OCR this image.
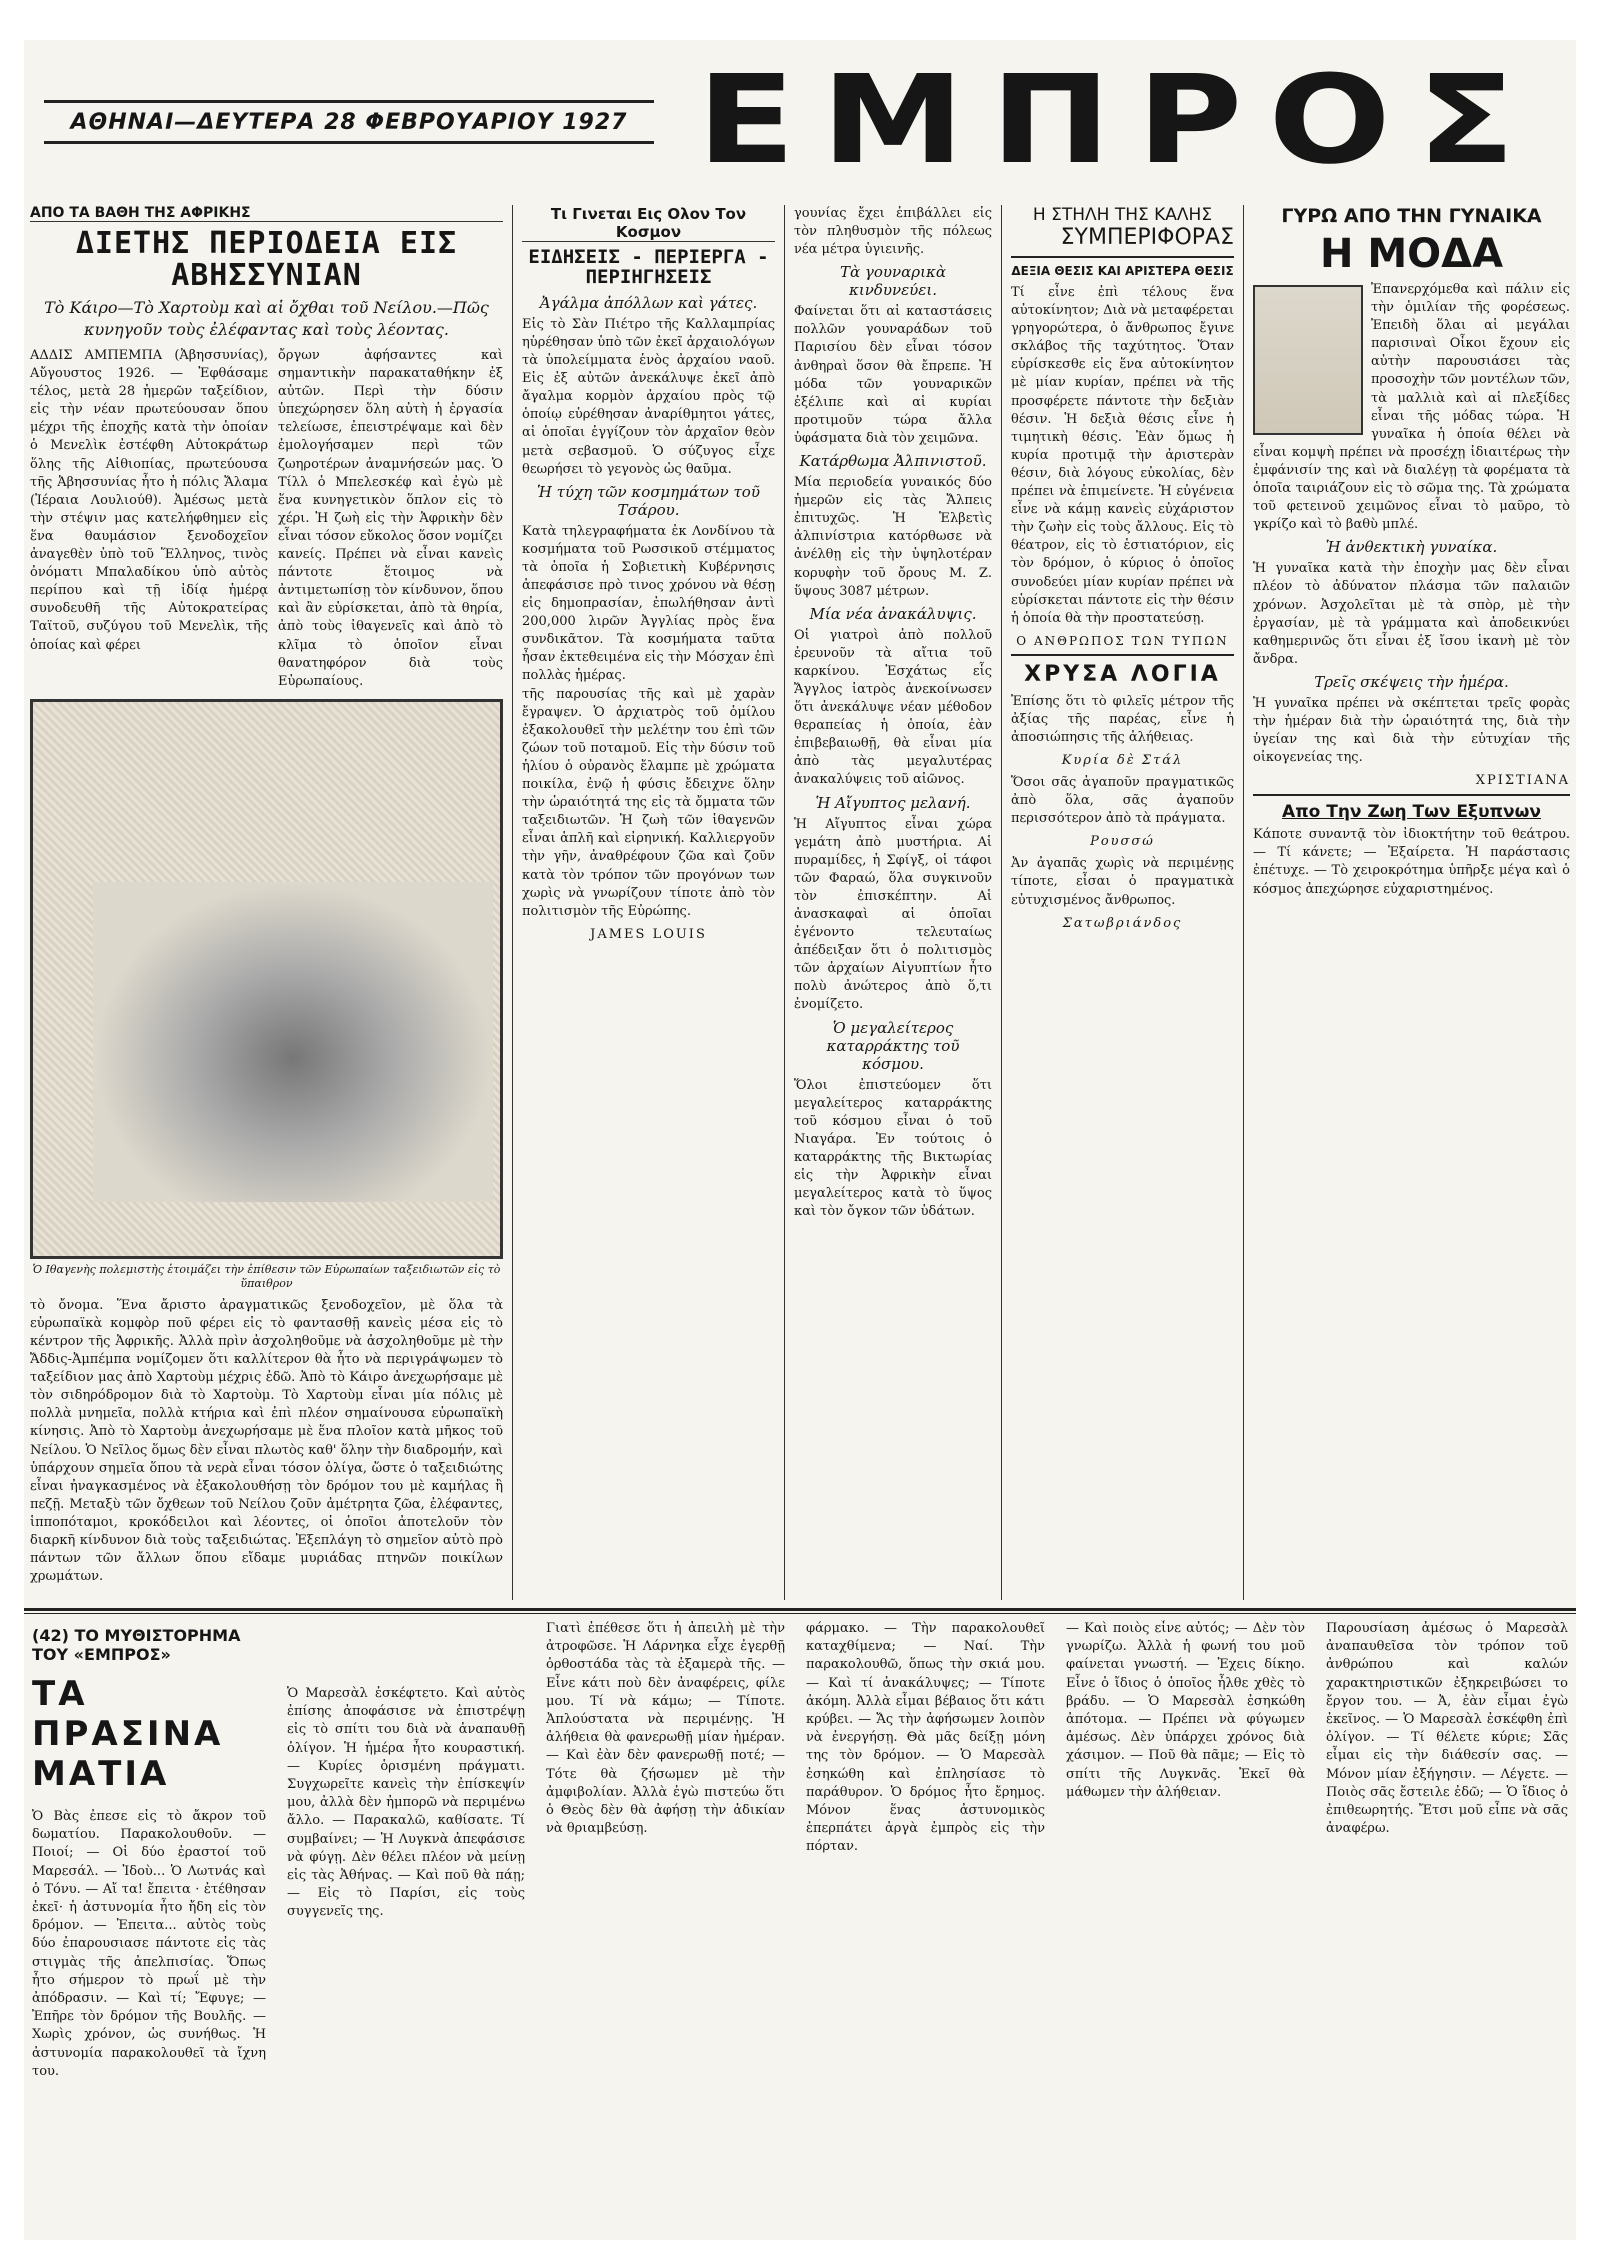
ΑΘΗΝΑΙ—ΔΕΥΤΕΡΑ 28 ΦΕΒΡΟΥΑΡΙΟΥ 1927 ΕΜΠΡΟΣ
ΑΠΟ ΤΑ ΒΑΘΗ ΤΗΣ ΑΦΡΙΚΗΣ
ΔΙΕΤΗΣ ΠΕΡΙΟΔΕΙΑ ΕΙΣ ΑΒΗΣΣΥΝΙΑΝ
Τὸ Κάιρο—Τὸ Χαρτοὺμ καὶ αἱ ὄχθαι τοῦ Νείλου.—Πῶς κυνηγοῦν τοὺς ἐλέφαντας καὶ τοὺς λέοντας.
ΑΔΔΙΣ ΑΜΠΕΜΠΑ (Ἀβησσυνίας), Αὔγουστος 1926. — Ἐφθάσαμε τέλος, μετὰ 28 ἡμερῶν ταξείδιον, εἰς τὴν νέαν πρωτεύουσαν ὅπου μέχρι τῆς ἐποχῆς κατὰ τὴν ὁποίαν ὁ Μενελὶκ ἐστέφθη Αὐτοκράτωρ ὅλης τῆς Αἰθιοπίας, πρωτεύουσα τῆς Ἀβησσυνίας ἦτο ἡ πόλις Ἄλαμα (Ἰέραια Λουλιούθ). Ἀμέσως μετὰ τὴν στέψιν μας κατελήφθημεν εἰς ἕνα θαυμάσιον ξενοδοχεῖον ἀναγεθὲν ὑπὸ τοῦ Ἕλληνος, τινὸς ὀνόματι Μπαλαδίκου ὑπὸ αὐτὸς περίπου καὶ τῇ ἰδίᾳ ἡμέρᾳ συνοδευθῆ τῆς Αὐτοκρατείρας Ταϊτοῦ, συζύγου τοῦ Μενελὶκ, τῆς ὁποίας καὶ φέρει
ὄργων ἀφήσαντες καὶ σημαντικὴν παρακαταθήκην ἐξ αὐτῶν. Περὶ τὴν δύσιν ὑπεχώρησεν ὅλη αὐτὴ ἡ ἐργασία τελείωσε, ἐπειστρέψαμε καὶ δὲν ἐμολογήσαμεν περὶ τῶν ζωηροτέρων ἀναμνήσεών μας. Ὁ Τίλλ ὁ Μπελεσκέφ καὶ ἐγὼ μὲ ἕνα κυνηγετικὸν ὅπλον εἰς τὸ χέρι. Ἡ ζωὴ εἰς τὴν Ἀφρικὴν δὲν εἶναι τόσον εὔκολος ὅσον νομίζει κανείς. Πρέπει νὰ εἶναι κανεὶς πάντοτε ἕτοιμος νὰ ἀντιμετωπίσῃ τὸν κίνδυνον, ὅπου καὶ ἂν εὑρίσκεται, ἀπὸ τὰ θηρία, ἀπὸ τοὺς ἰθαγενεῖς καὶ ἀπὸ τὸ κλῖμα τὸ ὁποῖον εἶναι θανατηφόρον διὰ τοὺς Εὐρωπαίους.
Ὁ Ιθαγενὴς πολεμιστὴς ἑτοιμάζει τὴν ἐπίθεσιν τῶν Εὐρωπαίων ταξειδιωτῶν εἰς τὸ ὕπαιθρον
τὸ ὄνομα. Ἕνα ἄριστο ἀραγματικῶς ξενοδοχεῖον, μὲ ὅλα τὰ εὐρωπαϊκὰ κομφὸρ ποῦ φέρει εἰς τὸ φαντασθῇ κανεὶς μέσα εἰς τὸ κέντρον τῆς Ἀφρικῆς. Ἀλλὰ πρὶν ἀσχοληθοῦμε νὰ ἀσχοληθοῦμε μὲ τὴν Ἄδδις-Ἀμπέμπα νομίζομεν ὅτι καλλίτερον θὰ ἦτο νὰ περιγράψωμεν τὸ ταξείδιον μας ἀπὸ Χαρτοὺμ μέχρις ἐδῶ. Ἀπὸ τὸ Κάιρο ἀνεχωρήσαμε μὲ τὸν σιδηρόδρομον διὰ τὸ Χαρτοὺμ. Τὸ Χαρτοὺμ εἶναι μία πόλις μὲ πολλὰ μνημεῖα, πολλὰ κτήρια καὶ ἐπὶ πλέον σημαίνουσα εὐρωπαϊκὴ κίνησις. Ἀπὸ τὸ Χαρτοὺμ ἀνεχωρήσαμε μὲ ἕνα πλοῖον κατὰ μῆκος τοῦ Νείλου. Ὁ Νεῖλος ὅμως δὲν εἶναι πλωτὸς καθ' ὅλην τὴν διαδρομήν, καὶ ὑπάρχουν σημεῖα ὅπου τὰ νερὰ εἶναι τόσον ὀλίγα, ὥστε ὁ ταξειδιώτης εἶναι ἠναγκασμένος νὰ ἐξακολουθήσῃ τὸν δρόμον του μὲ καμήλας ἢ πεζῇ. Μεταξὺ τῶν ὄχθεων τοῦ Νείλου ζοῦν ἀμέτρητα ζῶα, ἐλέφαντες, ἱπποπόταμοι, κροκόδειλοι καὶ λέοντες, οἱ ὁποῖοι ἀποτελοῦν τὸν διαρκῆ κίνδυνον διὰ τοὺς ταξειδιώτας. Ἐξεπλάγη τὸ σημεῖον αὐτὸ πρὸ πάντων τῶν ἄλλων ὅπου εἴδαμε μυριάδας πτηνῶν ποικίλων χρωμάτων.
Τι Γινεται Εις Ολον Τον Κοσμον
ΕΙΔΗΣΕΙΣ - ΠΕΡΙΕΡΓΑ - ΠΕΡΙΗΓΗΣΕΙΣ
Ἀγάλμα ἀπόλλων καὶ γάτες.
Εἰς τὸ Σὰν Πιέτρο τῆς Καλλαμπρίας ηὑρέθησαν ὑπὸ τῶν ἐκεῖ ἀρχαιολόγων τὰ ὑπολείμματα ἑνὸς ἀρχαίου ναοῦ. Εἰς ἐξ αὐτῶν ἀνεκάλυψε ἐκεῖ ἀπὸ ἄγαλμα κορμὸν ἀρχαίου πρὸς τῷ ὁποίῳ εὑρέθησαν ἀναρίθμητοι γάτες, αἱ ὁποῖαι ἐγγίζουν τὸν ἀρχαῖον θεὸν μετὰ σεβασμοῦ. Ὁ σύζυγος εἶχε θεωρήσει τὸ γεγονὸς ὡς θαῦμα.
Ἡ τύχη τῶν κοσμημάτων τοῦ Τσάρου.
Κατὰ τηλεγραφήματα ἐκ Λονδίνου τὰ κοσμήματα τοῦ Ρωσσικοῦ στέμματος τὰ ὁποῖα ἡ Σοβιετικὴ Κυβέρνησις ἀπεφάσισε πρὸ τινος χρόνου νὰ θέσῃ εἰς δημοπρασίαν, ἐπωλήθησαν ἀντὶ 200,000 λιρῶν Ἀγγλίας πρὸς ἕνα συνδικᾶτον. Τὰ κοσμήματα ταῦτα ἦσαν ἐκτεθειμένα εἰς τὴν Μόσχαν ἐπὶ πολλὰς ἡμέρας.
τῆς παρουσίας τῆς καὶ μὲ χαρὰν ἔγραψεν. Ὁ ἀρχιατρὸς τοῦ ὁμίλου ἐξακολουθεῖ τὴν μελέτην του ἐπὶ τῶν ζώων τοῦ ποταμοῦ. Εἰς τὴν δύσιν τοῦ ἡλίου ὁ οὐρανὸς ἔλαμπε μὲ χρώματα ποικίλα, ἐνῷ ἡ φύσις ἔδειχνε ὅλην τὴν ὡραιότητά της εἰς τὰ ὄμματα τῶν ταξειδιωτῶν. Ἡ ζωὴ τῶν ἰθαγενῶν εἶναι ἁπλῆ καὶ εἰρηνική. Καλλιεργοῦν τὴν γῆν, ἀναθρέφουν ζῶα καὶ ζοῦν κατὰ τὸν τρόπον τῶν προγόνων των χωρὶς νὰ γνωρίζουν τίποτε ἀπὸ τὸν πολιτισμὸν τῆς Εὐρώπης.
JAMES LOUIS
γουνίας ἔχει ἐπιβάλλει εἰς τὸν πληθυσμὸν τῆς πόλεως νέα μέτρα ὑγιεινῆς.
Τὰ γουναρικὰ κινδυνεύει.
Φαίνεται ὅτι αἱ καταστάσεις πολλῶν γουναράδων τοῦ Παρισίου δὲν εἶναι τόσον ἀνθηραὶ ὅσον θὰ ἔπρεπε. Ἡ μόδα τῶν γουναρικῶν ἐξέλιπε καὶ αἱ κυρίαι προτιμοῦν τώρα ἄλλα ὑφάσματα διὰ τὸν χειμῶνα.
Κατάρθωμα Ἀλπινιστοῦ.
Μία περιοδεία γυναικός δύο ἡμερῶν εἰς τὰς Ἄλπεις ἐπιτυχῶς. Ἡ Ἑλβετὶς ἀλπινίστρια κατόρθωσε νὰ ἀνέλθῃ εἰς τὴν ὑψηλοτέραν κορυφὴν τοῦ ὄρους Μ. Ζ. ὕψους 3087 μέτρων.
Μία νέα ἀνακάλυψις.
Οἱ γιατροὶ ἀπὸ πολλοῦ ἐρευνοῦν τὰ αἴτια τοῦ καρκίνου. Ἐσχάτως εἷς Ἄγγλος ἰατρὸς ἀνεκοίνωσεν ὅτι ἀνεκάλυψε νέαν μέθοδον θεραπείας ἡ ὁποία, ἐὰν ἐπιβεβαιωθῇ, θὰ εἶναι μία ἀπὸ τὰς μεγαλυτέρας ἀνακαλύψεις τοῦ αἰῶνος.
Ἡ Αἴγυπτος μελανή.
Ἡ Αἴγυπτος εἶναι χώρα γεμάτη ἀπὸ μυστήρια. Αἱ πυραμίδες, ἡ Σφίγξ, οἱ τάφοι τῶν Φαραώ, ὅλα συγκινοῦν τὸν ἐπισκέπτην. Αἱ ἀνασκαφαὶ αἱ ὁποῖαι ἐγένοντο τελευταίως ἀπέδειξαν ὅτι ὁ πολιτισμὸς τῶν ἀρχαίων Αἰγυπτίων ἦτο πολὺ ἀνώτερος ἀπὸ ὅ,τι ἐνομίζετο.
Ὁ μεγαλείτερος καταρράκτης τοῦ κόσμου.
Ὅλοι ἐπιστεύομεν ὅτι μεγαλείτερος καταρράκτης τοῦ κόσμου εἶναι ὁ τοῦ Νιαγάρα. Ἐν τούτοις ὁ καταρράκτης τῆς Βικτωρίας εἰς τὴν Ἀφρικὴν εἶναι μεγαλείτερος κατὰ τὸ ὕψος καὶ τὸν ὄγκον τῶν ὑδάτων.
Η ΣΤΗΛΗ ΤΗΣ ΚΑΛΗΣ
ΣΥΜΠΕΡΙΦΟΡΑΣ
ΔΕΞΙΑ ΘΕΣΙΣ ΚΑΙ ΑΡΙΣΤΕΡΑ ΘΕΣΙΣ
Τί εἶνε ἐπὶ τέλους ἕνα αὐτοκίνητον; Διὰ νὰ μεταφέρεται γρηγορώτερα, ὁ ἄνθρωπος ἔγινε σκλάβος τῆς ταχύτητος. Ὅταν εὑρίσκεσθε εἰς ἕνα αὐτοκίνητον μὲ μίαν κυρίαν, πρέπει νὰ τῆς προσφέρετε πάντοτε τὴν δεξιὰν θέσιν. Ἡ δεξιὰ θέσις εἶνε ἡ τιμητικὴ θέσις. Ἐὰν ὅμως ἡ κυρία προτιμᾷ τὴν ἀριστερὰν θέσιν, διὰ λόγους εὐκολίας, δὲν πρέπει νὰ ἐπιμείνετε. Ἡ εὐγένεια εἶνε νὰ κάμῃ κανεὶς εὐχάριστον τὴν ζωὴν εἰς τοὺς ἄλλους. Εἰς τὸ θέατρον, εἰς τὸ ἑστιατόριον, εἰς τὸν δρόμον, ὁ κύριος ὁ ὁποῖος συνοδεύει μίαν κυρίαν πρέπει νὰ εὑρίσκεται πάντοτε εἰς τὴν θέσιν ἡ ὁποία θὰ τὴν προστατεύσῃ.
Ο ΑΝΘΡΩΠΟΣ ΤΩΝ ΤΥΠΩΝ
ΧΡΥΣΑ ΛΟΓΙΑ
Ἐπίσης ὅτι τὸ φιλεῖς μέτρον τῆς ἀξίας τῆς παρέας, εἶνε ἡ ἀποσιώπησις τῆς ἀλήθειας.
Κυρία δὲ Στάλ
Ὅσοι σᾶς ἀγαποῦν πραγματικῶς ἀπὸ ὅλα, σᾶς ἀγαποῦν περισσότερον ἀπὸ τὰ πράγματα.
Ρουσσώ
Ἀν ἀγαπᾶς χωρὶς νὰ περιμένῃς τίποτε, εἶσαι ὁ πραγματικὰ εὐτυχισμένος ἄνθρωπος.
Σατωβριάνδος
ΓΥΡΩ ΑΠΟ ΤΗΝ ΓΥΝΑΙΚΑ
Η ΜΟΔΑ
Ἐπανερχόμεθα καὶ πάλιν εἰς τὴν ὁμιλίαν τῆς φορέσεως. Ἐπειδὴ ὅλαι αἱ μεγάλαι παρισιναὶ Οἶκοι ἔχουν εἰς αὐτὴν παρουσιάσει τὰς προσοχὴν τῶν μοντέλων τῶν, τὰ μαλλιὰ καὶ αἱ πλεξίδες εἶναι τῆς μόδας τώρα. Ἡ γυναῖκα ἡ ὁποία θέλει νὰ εἶναι κομψὴ πρέπει νὰ προσέχῃ ἰδιαιτέρως τὴν ἐμφάνισίν της καὶ νὰ διαλέγῃ τὰ φορέματα τὰ ὁποῖα ταιριάζουν εἰς τὸ σῶμα της. Τὰ χρώματα τοῦ φετεινοῦ χειμῶνος εἶναι τὸ μαῦρο, τὸ γκρίζο καὶ τὸ βαθὺ μπλέ.
Ἡ ἀνθεκτικὴ γυναίκα.
Ἡ γυναῖκα κατὰ τὴν ἐποχὴν μας δὲν εἶναι πλέον τὸ ἀδύνατον πλάσμα τῶν παλαιῶν χρόνων. Ἀσχολεῖται μὲ τὰ σπὸρ, μὲ τὴν ἐργασίαν, μὲ τὰ γράμματα καὶ ἀποδεικνύει καθημερινῶς ὅτι εἶναι ἐξ ἴσου ἱκανὴ μὲ τὸν ἄνδρα.
Τρεῖς σκέψεις τὴν ἡμέρα.
Ἡ γυναῖκα πρέπει νὰ σκέπτεται τρεῖς φορὰς τὴν ἡμέραν διὰ τὴν ὡραιότητά της, διὰ τὴν ὑγείαν της καὶ διὰ τὴν εὐτυχίαν τῆς οἰκογενείας της.
ΧΡΙΣΤΙΑΝΑ
Απο Την Ζωη Των Εξυπνων
Κάποτε συναντᾷ τὸν ἰδιοκτήτην τοῦ θεάτρου. — Τί κάνετε; — Ἐξαίρετα. Ἡ παράστασις ἐπέτυχε. — Τὸ χειροκρότημα ὑπῆρξε μέγα καὶ ὁ κόσμος ἀπεχώρησε εὐχαριστημένος.
(42) ΤΟ ΜΥΘΙΣΤΟΡΗΜΑ ΤΟΥ «ΕΜΠΡΟΣ»
ΤΑ ΠΡΑΣΙΝΑ ΜΑΤΙΑ
Ὁ Βὰς ἐπεσε εἰς τὸ ἄκρον τοῦ δωματίου. Παρακολουθοῦν. — Ποιοί; — Οἱ δύο ἐραστοί τοῦ Μαρεσάλ. — Ἰδοὺ... Ὁ Λωτνάς καὶ ὁ Τόνυ. — Αἴ τα! ἔπειτα · ἐτέθησαν ἐκεῖ· ἡ ἀστυνομία ἦτο ἤδη εἰς τὸν δρόμον. — Ἐπειτα... αὐτὸς τοὺς δύο ἐπαρουσιασε πάντοτε εἰς τὰς στιγμὰς τῆς ἀπελπισίας. Ὅπως ἦτο σήμερον τὸ πρωΐ μὲ τὴν ἀπόδρασιν. — Καὶ τί; Ἔφυγε; — Ἐπῆρε τὸν δρόμον τῆς Βουλῆς. — Χωρὶς χρόνον, ὡς συνήθως. Ἡ ἀστυνομία παρακολουθεῖ τὰ ἴχνη του.
Ὁ Μαρεσὰλ ἐσκέφτετο. Καὶ αὐτὸς ἐπίσης ἀποφάσισε νὰ ἐπιστρέψῃ εἰς τὸ σπίτι του διὰ νὰ ἀναπαυθῇ ὀλίγον. Ἡ ἡμέρα ἦτο κουραστική. — Κυρίες ὁρισμένη πράγματι. Συγχωρεῖτε κανεὶς τὴν ἐπίσκεψίν μου, ἀλλὰ δὲν ἠμπορῶ νὰ περιμένω ἄλλο. — Παρακαλῶ, καθίσατε. Τί συμβαίνει; — Ἡ Λυγκνὰ ἀπεφάσισε νὰ φύγῃ. Δὲν θέλει πλέον νὰ μείνῃ εἰς τὰς Ἀθήνας. — Καὶ ποῦ θὰ πάῃ; — Εἰς τὸ Παρίσι, εἰς τοὺς συγγενεῖς της.
Γιατὶ ἐπέθεσε ὅτι ἡ ἀπειλὴ μὲ τὴν ἀτροφῶσε. Ἡ Λάρνηκα εἶχε ἐγερθῇ ὀρθοστάδα τὰς τὰ ἐξαμερὰ τῆς. — Εἶνε κάτι ποὺ δὲν ἀναφέρεις, φίλε μου. Τί νὰ κάμω; — Τίποτε. Ἀπλούστατα νὰ περιμένῃς. Ἡ ἀλήθεια θὰ φανερωθῇ μίαν ἡμέραν. — Καὶ ἐὰν δὲν φανερωθῇ ποτέ; — Τότε θὰ ζήσωμεν μὲ τὴν ἀμφιβολίαν. Ἀλλὰ ἐγὼ πιστεύω ὅτι ὁ Θεὸς δὲν θὰ ἀφήσῃ τὴν ἀδικίαν νὰ θριαμβεύσῃ.
φάρμακο. — Τὴν παρακολουθεῖ καταχθίμενα; — Ναί. Τὴν παρακολουθῶ, ὅπως τὴν σκιά μου. — Καὶ τί ἀνακάλυψες; — Τίποτε ἀκόμη. Ἀλλὰ εἶμαι βέβαιος ὅτι κάτι κρύβει. — Ἄς τὴν ἀφήσωμεν λοιπὸν νὰ ἐνεργήσῃ. Θὰ μᾶς δείξῃ μόνη της τὸν δρόμον. — Ὁ Μαρεσὰλ ἐσηκώθη καὶ ἐπλησίασε τὸ παράθυρον. Ὁ δρόμος ἦτο ἔρημος. Μόνον ἕνας ἀστυνομικὸς ἐπερπάτει ἀργὰ ἐμπρὸς εἰς τὴν πόρταν.
— Καὶ ποιὸς εἶνε αὐτός; — Δὲν τὸν γνωρίζω. Ἀλλὰ ἡ φωνή του μοῦ φαίνεται γνωστή. — Ἐχεις δίκηο. Εἶνε ὁ ἴδιος ὁ ὁποῖος ἦλθε χθὲς τὸ βράδυ. — Ὁ Μαρεσὰλ ἐσηκώθη ἀπότομα. — Πρέπει νὰ φύγωμεν ἀμέσως. Δὲν ὑπάρχει χρόνος διὰ χάσιμον. — Ποῦ θὰ πᾶμε; — Εἰς τὸ σπίτι τῆς Λυγκνᾶς. Ἐκεῖ θὰ μάθωμεν τὴν ἀλήθειαν.
Παρουσίαση ἀμέσως ὁ Μαρεσὰλ ἀναπαυθεῖσα τὸν τρόπον τοῦ ἀνθρώπου καὶ καλών χαρακτηριστικῶν ἐξηκρειβώσει το ἔργον του. — Ἀ, ἐὰν εἶμαι ἐγὼ ἐκεῖνος. — Ὁ Μαρεσὰλ ἐσκέφθη ἐπὶ ὀλίγον. — Τί θέλετε κύριε; Σᾶς εἶμαι εἰς τὴν διάθεσίν σας. — Μόνον μίαν ἐξήγησιν. — Λέγετε. — Ποιὸς σᾶς ἔστειλε ἐδῶ; — Ὁ ἴδιος ὁ ἐπιθεωρητής. Ἔτσι μοῦ εἶπε νὰ σᾶς ἀναφέρω.
